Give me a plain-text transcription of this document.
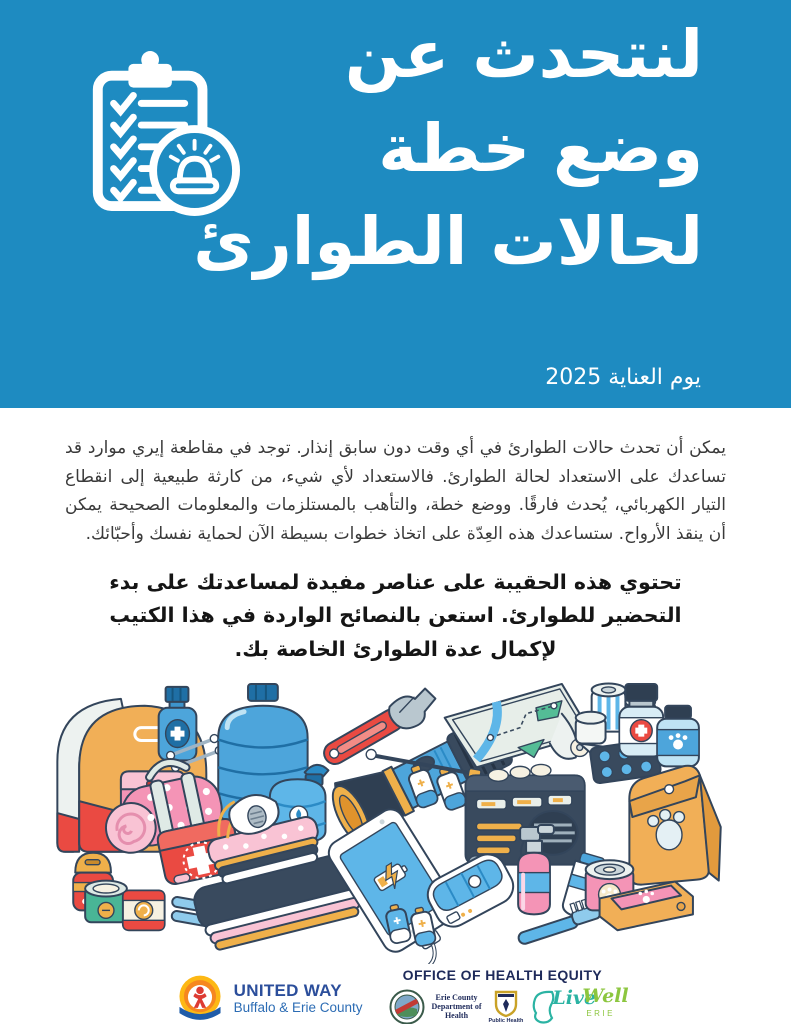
لنتحدث عن
وضع خطة
لحالات الطوارئ
يوم العناية 2025

يمكن أن تحدث حالات الطوارئ في أي وقت دون سابق إنذار. توجد في مقاطعة إيري موارد قد تساعدك على الاستعداد لحالة الطوارئ. فالاستعداد لأي شيء، من كارثة طبيعية إلى انقطاع التيار الكهربائي، يُحدث فارقًا. ووضع خطة، والتأهب بالمستلزمات والمعلومات الصحيحة يمكن أن ينقذ الأرواح. ستساعدك هذه العِدّة على اتخاذ خطوات بسيطة الآن لحماية نفسك وأحبّائك.

تحتوي هذه الحقيبة على عناصر مفيدة لمساعدتك على بدء التحضير للطوارئ. استعن بالنصائح الواردة في هذا الكتيب لإكمال عدة الطوارئ الخاصة بك.

UNITED WAY
Buffalo & Erie County
OFFICE OF HEALTH EQUITY
Erie County
Department of
Health
Public Health
Live
Well
ERIE
